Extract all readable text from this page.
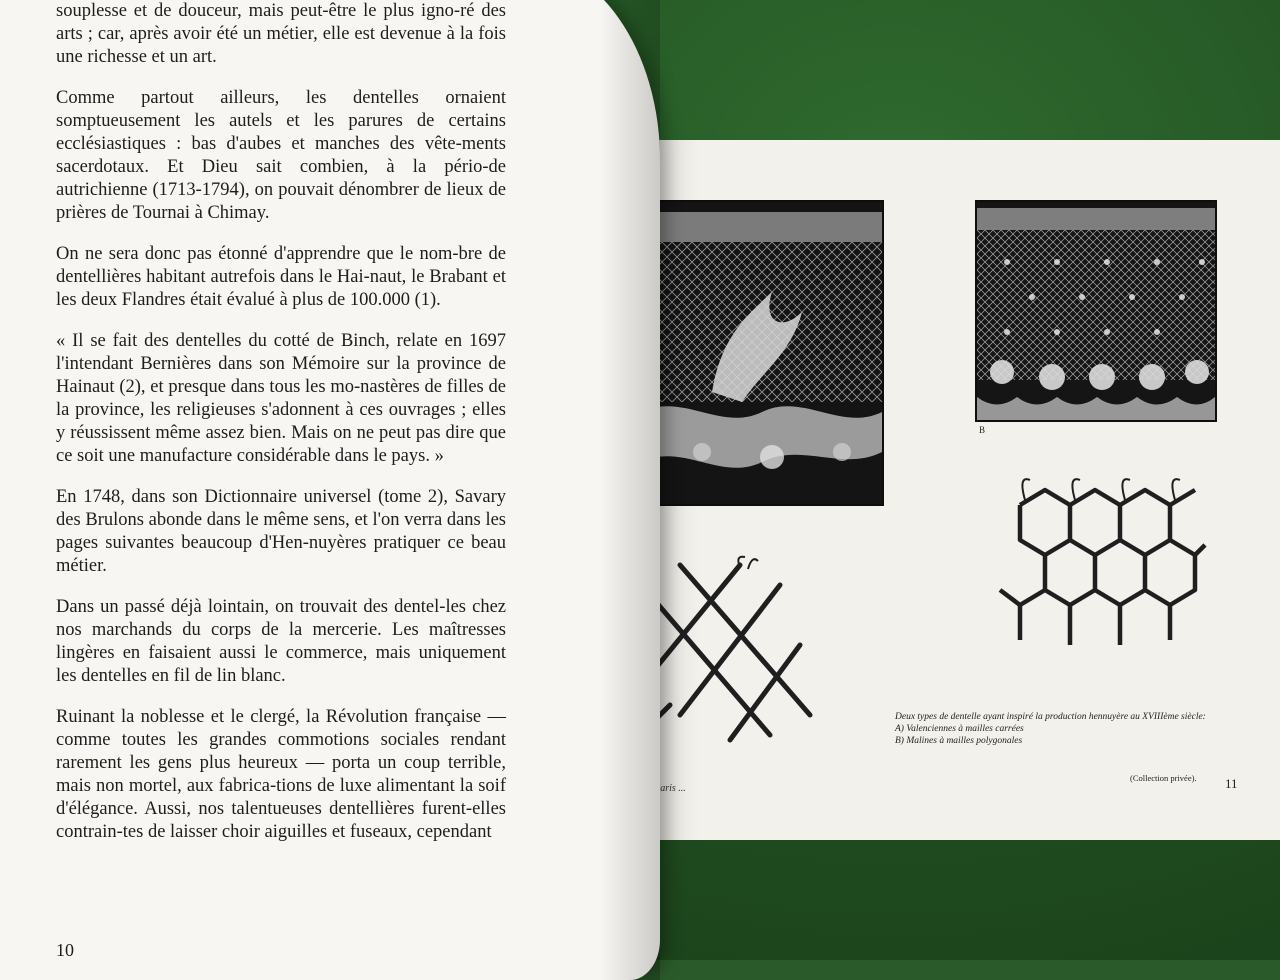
B
Deux types de dentelle ayant inspiré la production hennuyère au XVIIIème siècle:
A) Valenciennes à mailles carrées
B) Malines à mailles polygonales
(Collection privée). 11

souplesse et de douceur, mais peut-être le plus igno-ré des arts ; car, après avoir été un métier, elle est devenue à la fois une richesse et un art.

Comme partout ailleurs, les dentelles ornaient somptueusement les autels et les parures de certains ecclésiastiques : bas d'aubes et manches des vête-ments sacerdotaux. Et Dieu sait combien, à la pério-de autrichienne (1713-1794), on pouvait dénombrer de lieux de prières de Tournai à Chimay.

On ne sera donc pas étonné d'apprendre que le nom-bre de dentellières habitant autrefois dans le Hai-naut, le Brabant et les deux Flandres était évalué à plus de 100.000 (1).

« Il se fait des dentelles du cotté de Binch, relate en 1697 l'intendant Bernières dans son Mémoire sur la province de Hainaut (2), et presque dans tous les mo-nastères de filles de la province, les religieuses s'adonnent à ces ouvrages ; elles y réussissent même assez bien. Mais on ne peut pas dire que ce soit une manufacture considérable dans le pays. »

En 1748, dans son Dictionnaire universel (tome 2), Savary des Brulons abonde dans le même sens, et l'on verra dans les pages suivantes beaucoup d'Hen-nuyères pratiquer ce beau métier.

Dans un passé déjà lointain, on trouvait des dentel-les chez nos marchands du corps de la mercerie. Les maîtresses lingères en faisaient aussi le commerce, mais uniquement les dentelles en fil de lin blanc.

Ruinant la noblesse et le clergé, la Révolution française — comme toutes les grandes commotions sociales rendant rarement les gens plus heureux — porta un coup terrible, mais non mortel, aux fabrica-tions de luxe alimentant la soif d'élégance. Aussi, nos talentueuses dentellières furent-elles contrain-tes de laisser choir aiguilles et fuseaux, cependant

10
